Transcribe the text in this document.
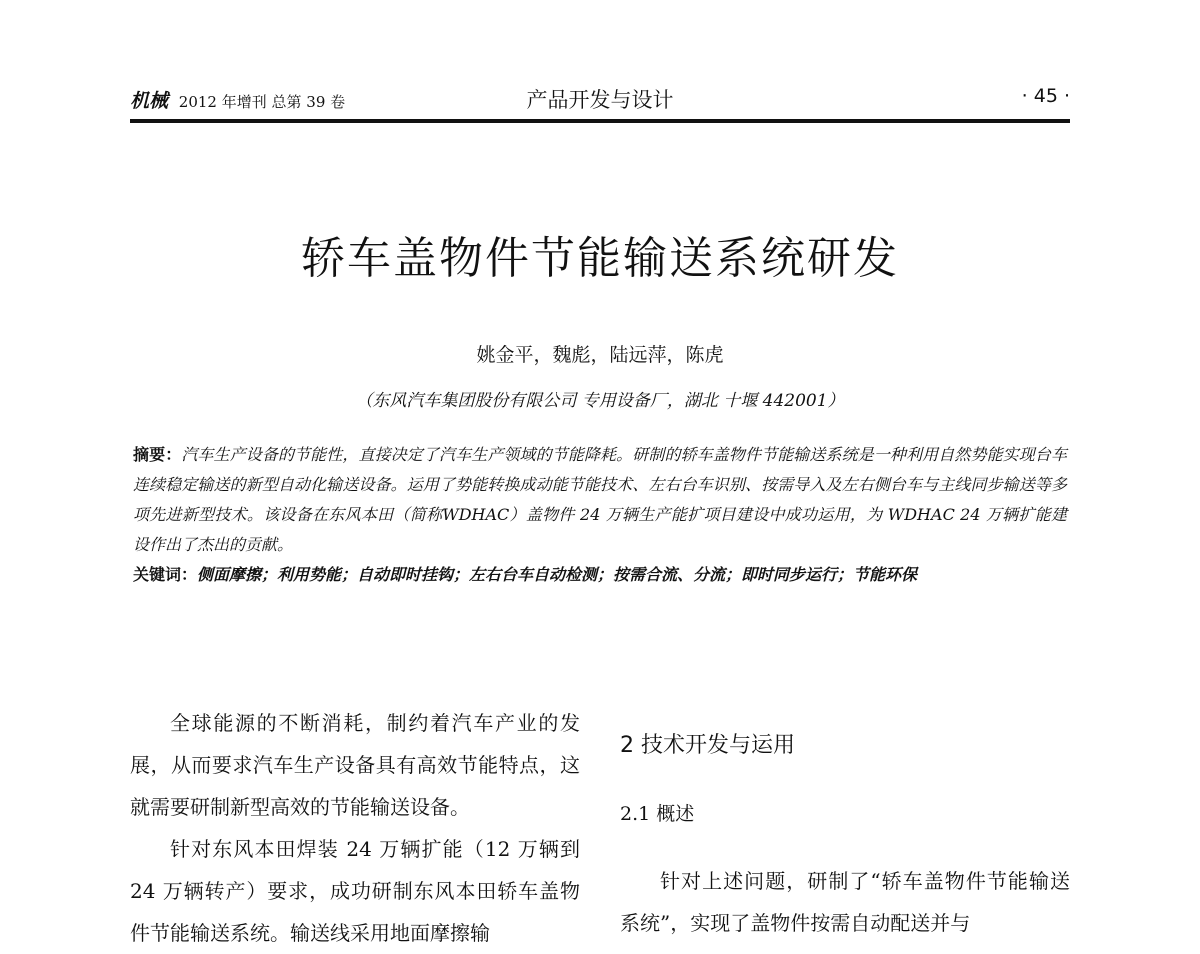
机械 2012 年增刊 总第 39 卷	产品开发与设计	· 45 ·
轿车盖物件节能输送系统研发
姚金平，魏彪，陆远萍，陈虎
（东风汽车集团股份有限公司 专用设备厂，湖北 十堰 442001）
摘要：汽车生产设备的节能性，直接决定了汽车生产领域的节能降耗。研制的轿车盖物件节能输送系统是一种利用自然势能实现台车连续稳定输送的新型自动化输送设备。运用了势能转换成动能节能技术、左右台车识别、按需导入及左右侧台车与主线同步输送等多项先进新型技术。该设备在东风本田（简称WDHAC）盖物件 24 万辆生产能扩项目建设中成功运用，为 WDHAC 24 万辆扩能建设作出了杰出的贡献。
关键词：侧面摩擦；利用势能；自动即时挂钩；左右台车自动检测；按需合流、分流；即时同步运行；节能环保

全球能源的不断消耗，制约着汽车产业的发展，从而要求汽车生产设备具有高效节能特点，这就需要研制新型高效的节能输送设备。

针对东风本田焊装 24 万辆扩能（12 万辆到 24 万辆转产）要求，成功研制东风本田轿车盖物件节能输送系统。输送线采用地面摩擦输

2 技术开发与运用
2.1 概述

针对上述问题，研制了“轿车盖物件节能输送系统”，实现了盖物件按需自动配送并与
